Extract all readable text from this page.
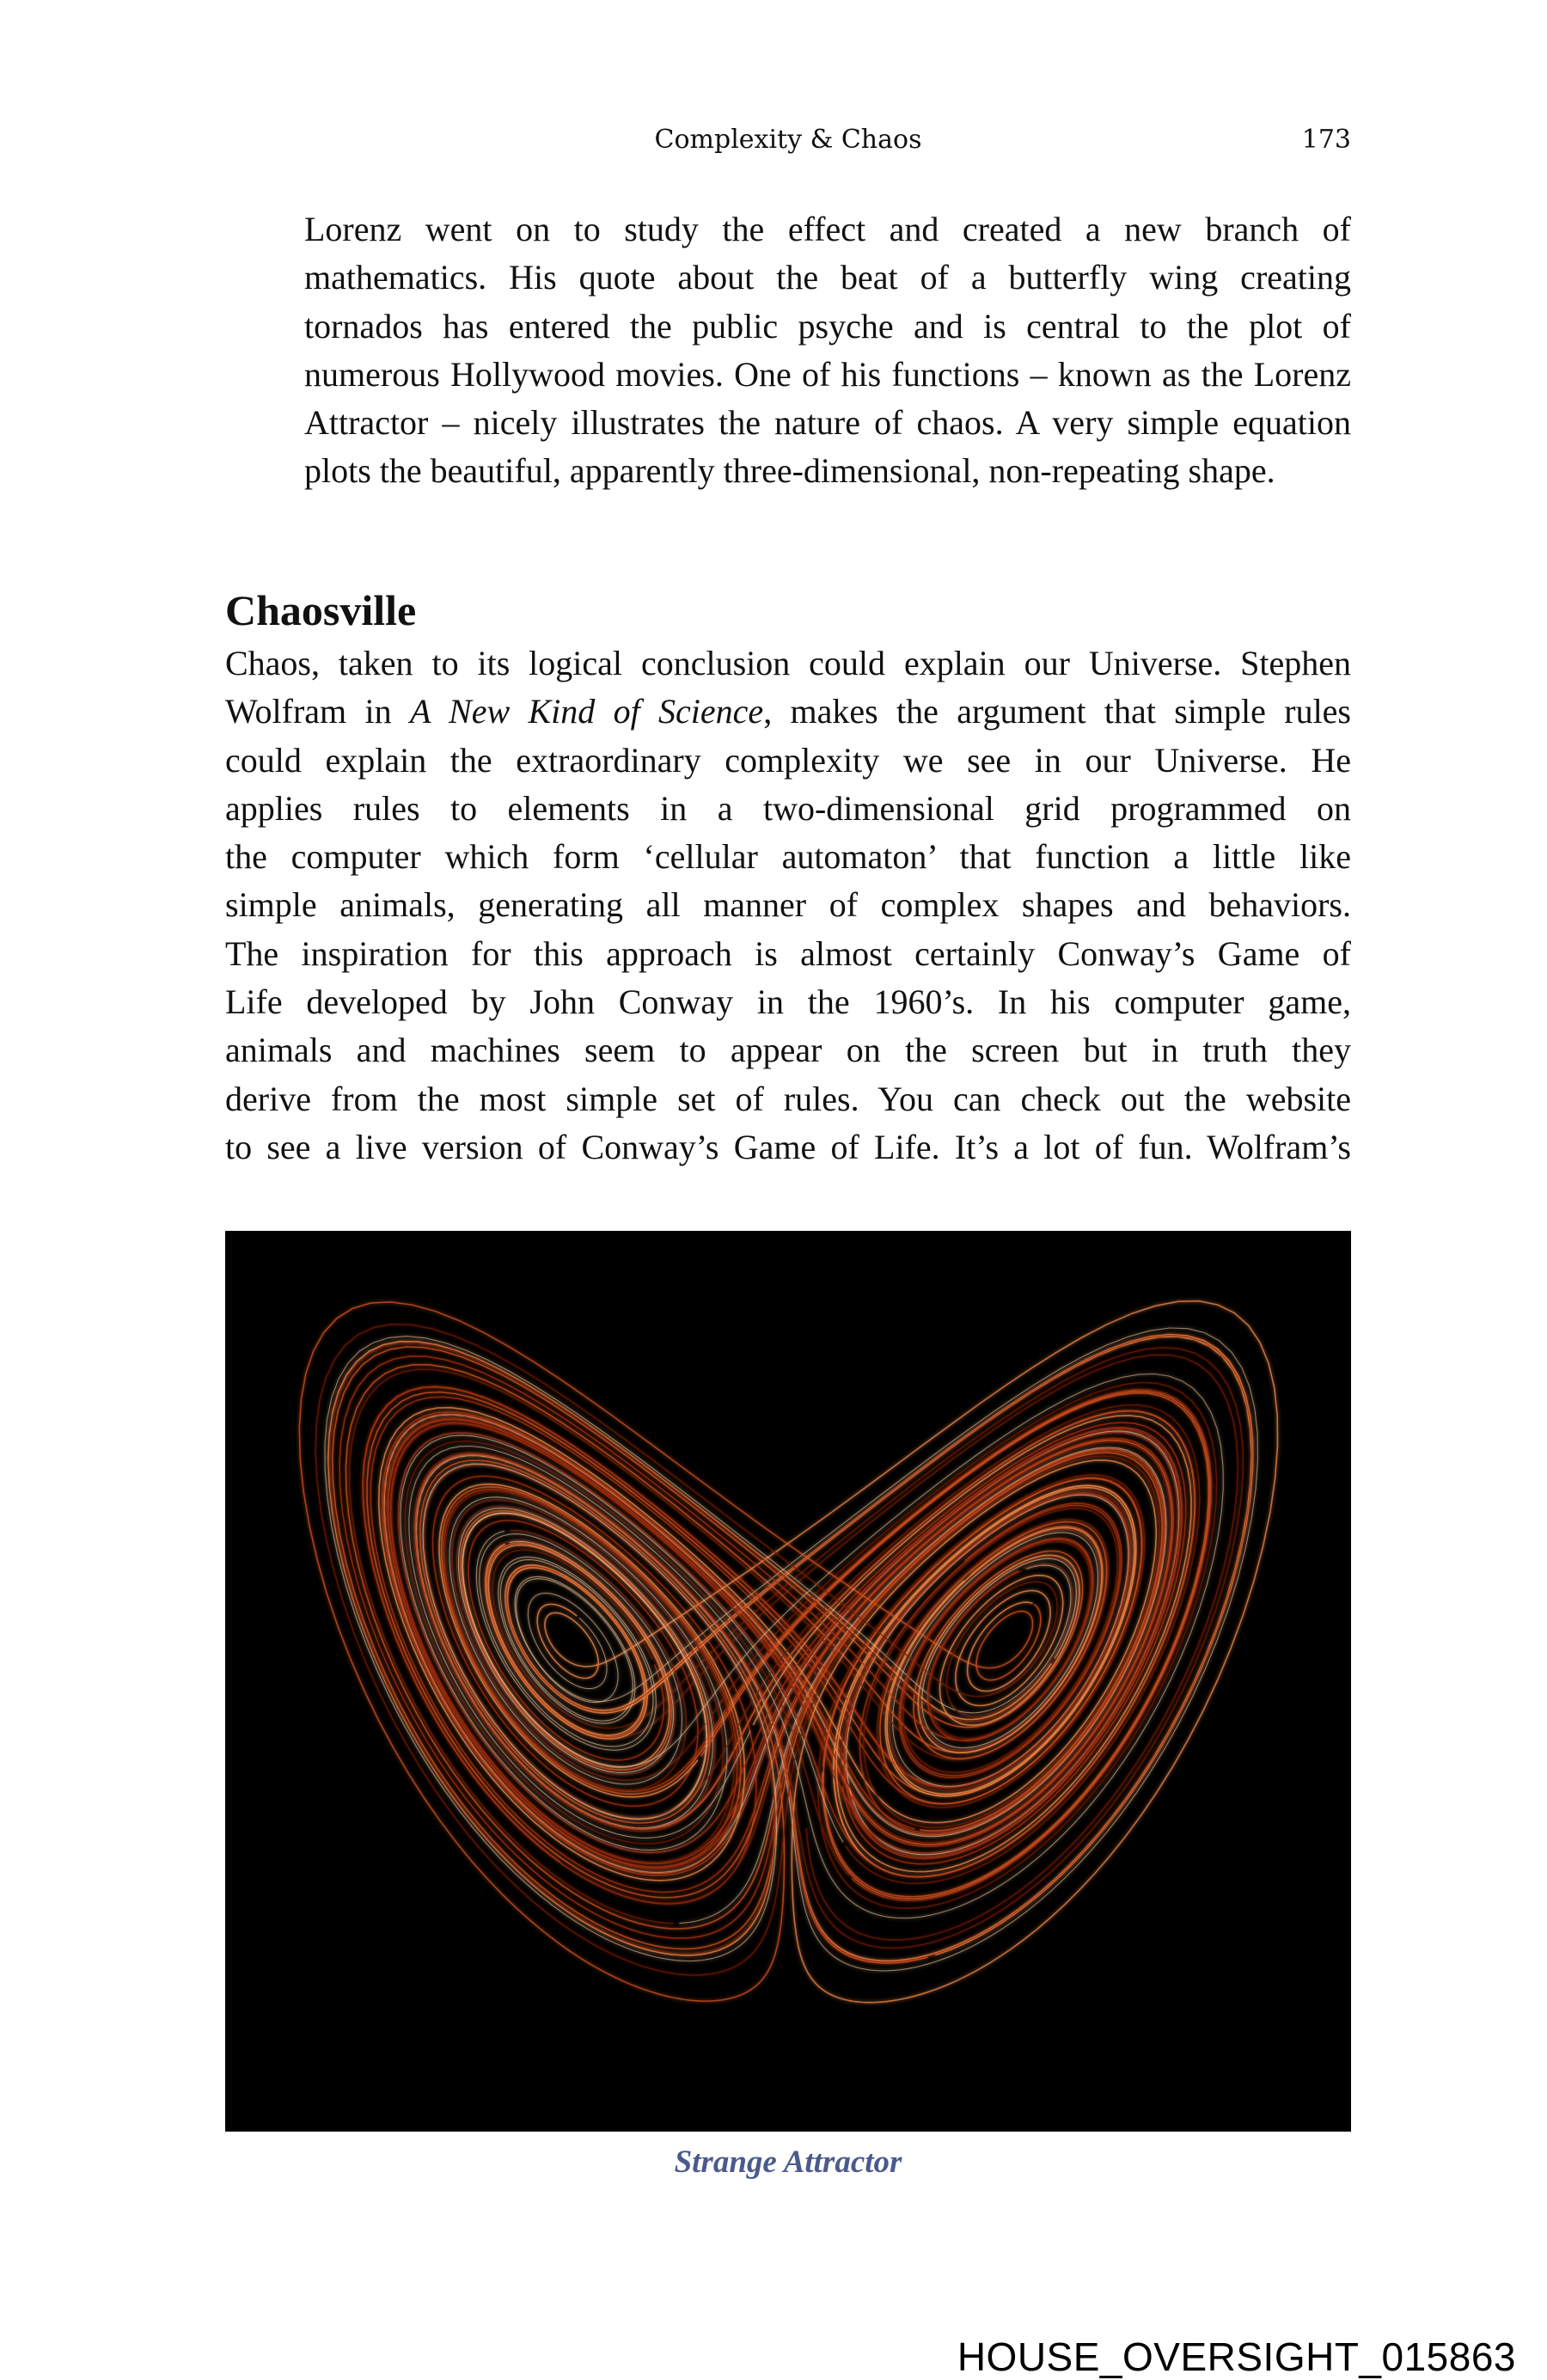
Complexity & Chaos	173

Lorenz went on to study the effect and created a new branch of
mathematics. His quote about the beat of a butterfly wing creating
tornados has entered the public psyche and is central to the plot of
numerous Hollywood movies. One of his functions – known as the Lorenz
Attractor – nicely illustrates the nature of chaos. A very simple equation
plots the beautiful, apparently three-dimensional, non-repeating shape.

Chaosville

Chaos, taken to its logical conclusion could explain our Universe. Stephen
Wolfram in A New Kind of Science, makes the argument that simple rules
could explain the extraordinary complexity we see in our Universe. He
applies rules to elements in a two-dimensional grid programmed on
the computer which form ‘cellular automaton’ that function a little like
simple animals, generating all manner of complex shapes and behaviors.
The inspiration for this approach is almost certainly Conway’s Game of
Life developed by John Conway in the 1960’s. In his computer game,
animals and machines seem to appear on the screen but in truth they
derive from the most simple set of rules. You can check out the website
to see a live version of Conway’s Game of Life. It’s a lot of fun. Wolfram’s

Strange Attractor
HOUSE_OVERSIGHT_015863
